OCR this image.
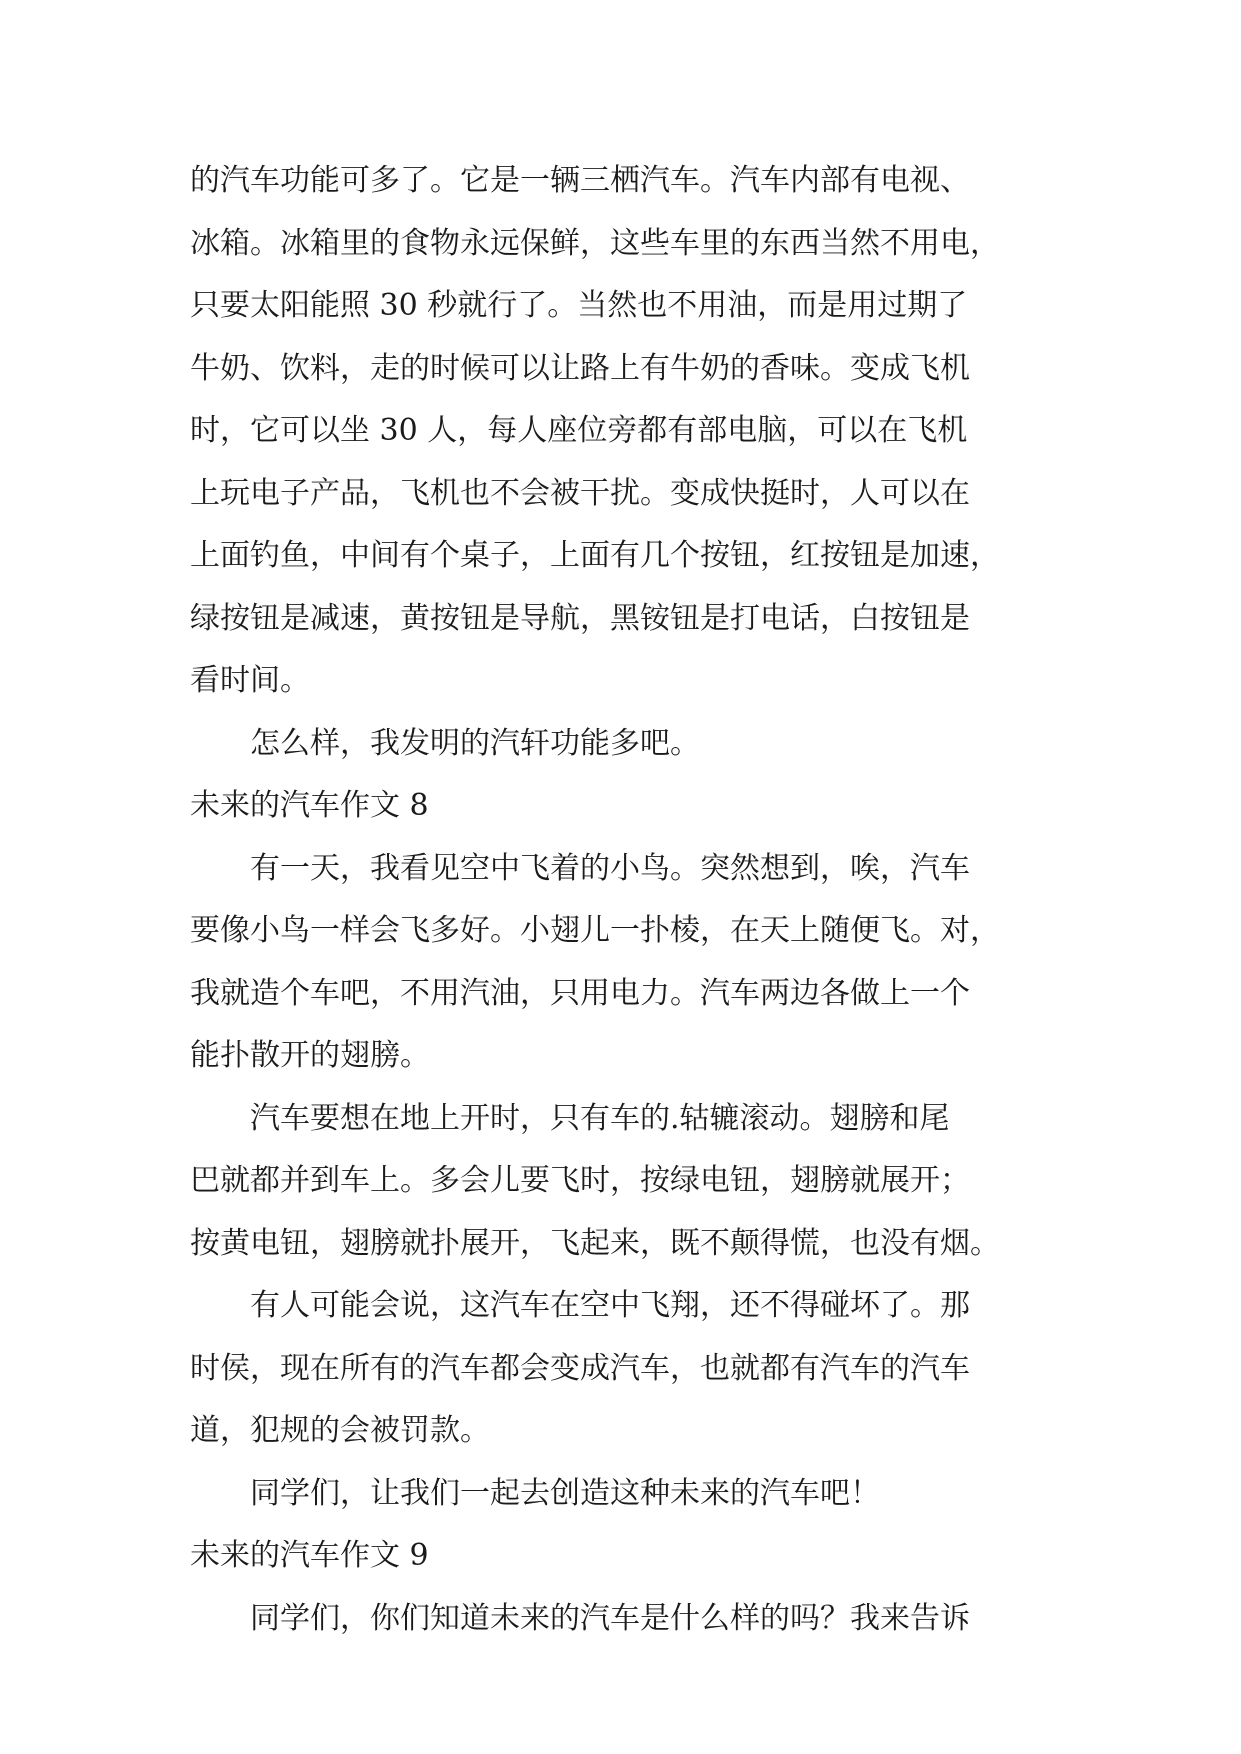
的汽车功能可多了。它是一辆三栖汽车。汽车内部有电视、
冰箱。冰箱里的食物永远保鲜，这些车里的东西当然不用电，
只要太阳能照 30 秒就行了。当然也不用油，而是用过期了
牛奶、饮料，走的时候可以让路上有牛奶的香味。变成飞机
时，它可以坐 30 人，每人座位旁都有部电脑，可以在飞机
上玩电子产品，飞机也不会被干扰。变成快挺时，人可以在
上面钓鱼，中间有个桌子，上面有几个按钮，红按钮是加速，
绿按钮是减速，黄按钮是导航，黑铵钮是打电话，白按钮是
看时间。
怎么样，我发明的汽轩功能多吧。
未来的汽车作文 8
有一天，我看见空中飞着的小鸟。突然想到，唉，汽车
要像小鸟一样会飞多好。小翅儿一扑棱，在天上随便飞。对，
我就造个车吧，不用汽油，只用电力。汽车两边各做上一个
能扑散开的翅膀。
汽车要想在地上开时，只有车的.轱辘滚动。翅膀和尾
巴就都并到车上。多会儿要飞时，按绿电钮，翅膀就展开；
按黄电钮，翅膀就扑展开，飞起来，既不颠得慌，也没有烟。
有人可能会说，这汽车在空中飞翔，还不得碰坏了。那
时侯，现在所有的汽车都会变成汽车，也就都有汽车的汽车
道，犯规的会被罚款。
同学们，让我们一起去创造这种未来的汽车吧！
未来的汽车作文 9
同学们，你们知道未来的汽车是什么样的吗？我来告诉
